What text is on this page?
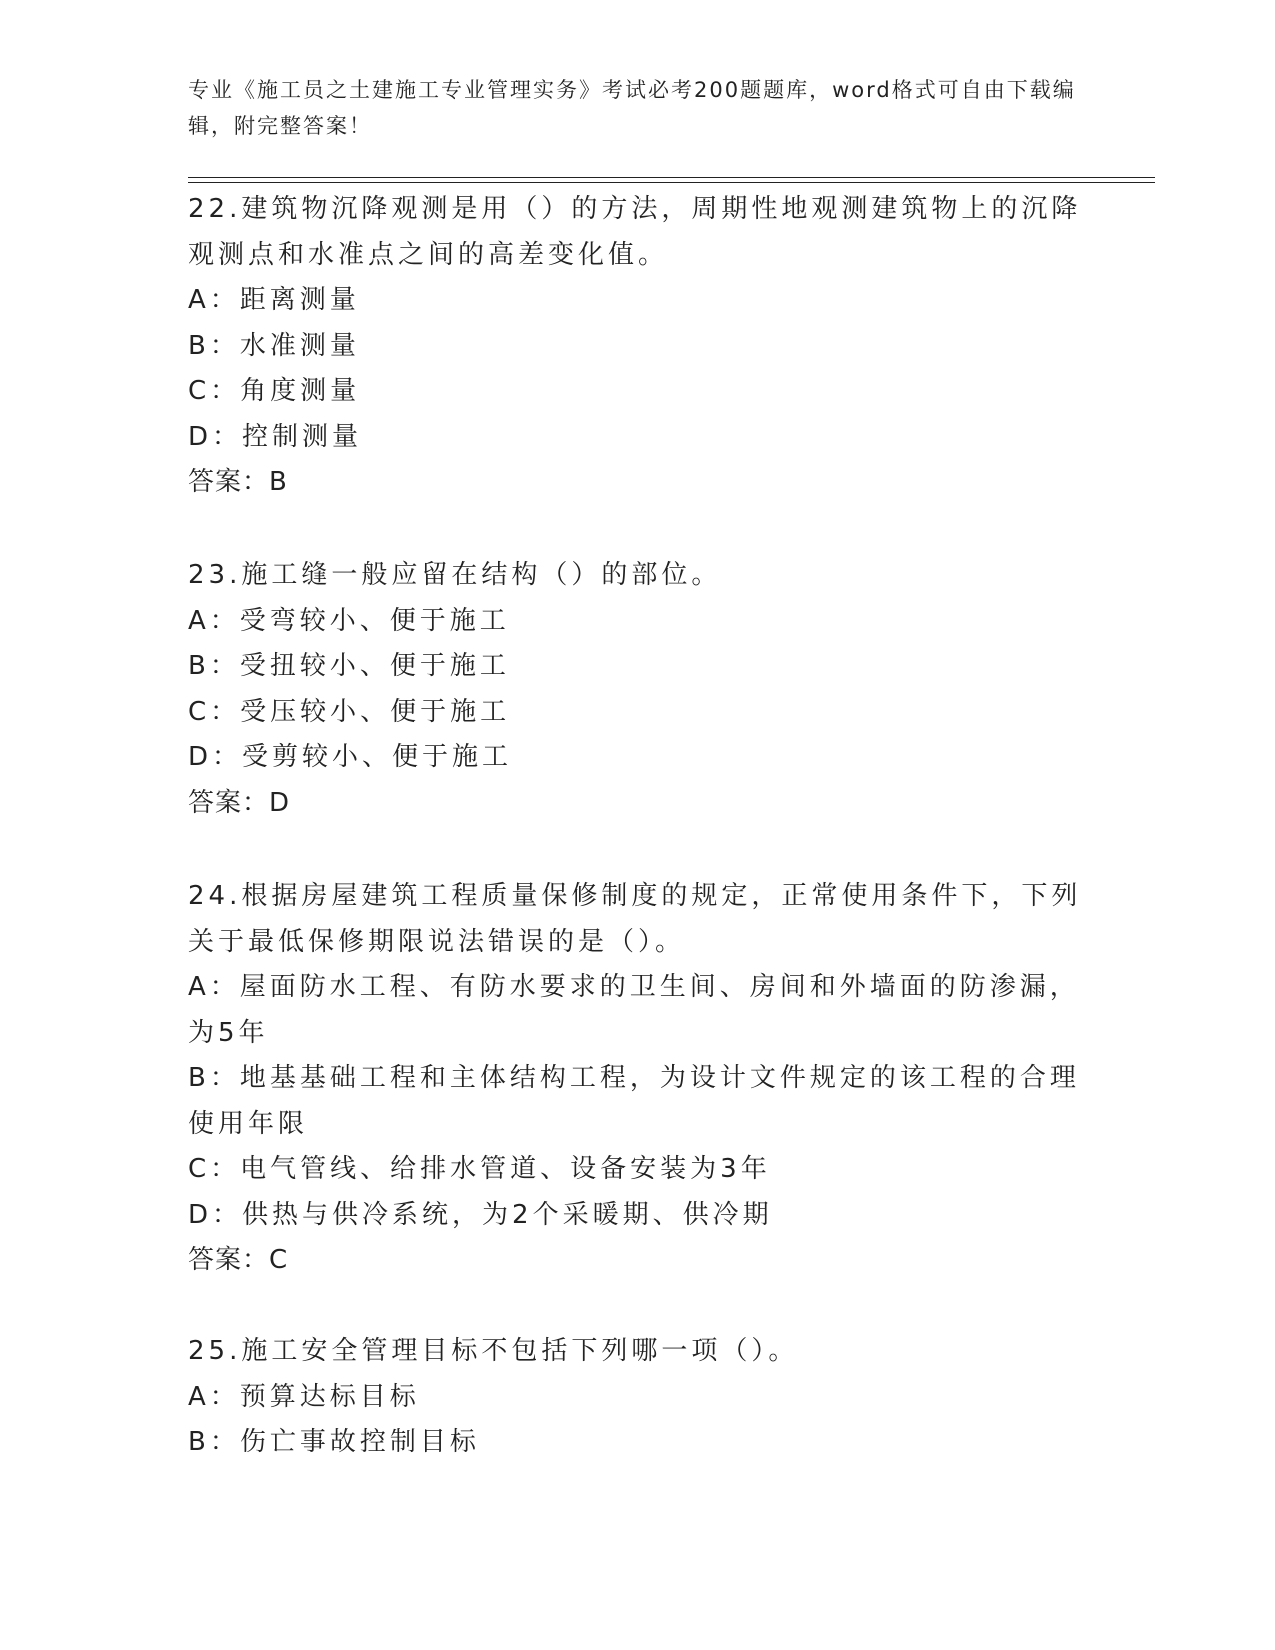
专业《施工员之土建施工专业管理实务》考试必考200题题库，word格式可自由下载编辑，附完整答案！
22.建筑物沉降观测是用（）的方法，周期性地观测建筑物上的沉降观测点和水准点之间的高差变化值。
A：距离测量
B：水准测量
C：角度测量
D：控制测量
答案：B
23.施工缝一般应留在结构（）的部位。
A：受弯较小、便于施工
B：受扭较小、便于施工
C：受压较小、便于施工
D：受剪较小、便于施工
答案：D
24.根据房屋建筑工程质量保修制度的规定，正常使用条件下，下列关于最低保修期限说法错误的是（）。
A：屋面防水工程、有防水要求的卫生间、房间和外墙面的防渗漏，为5年
B：地基基础工程和主体结构工程，为设计文件规定的该工程的合理使用年限
C：电气管线、给排水管道、设备安装为3年
D：供热与供冷系统，为2个采暖期、供冷期
答案：C
25.施工安全管理目标不包括下列哪一项（）。
A：预算达标目标
B：伤亡事故控制目标
